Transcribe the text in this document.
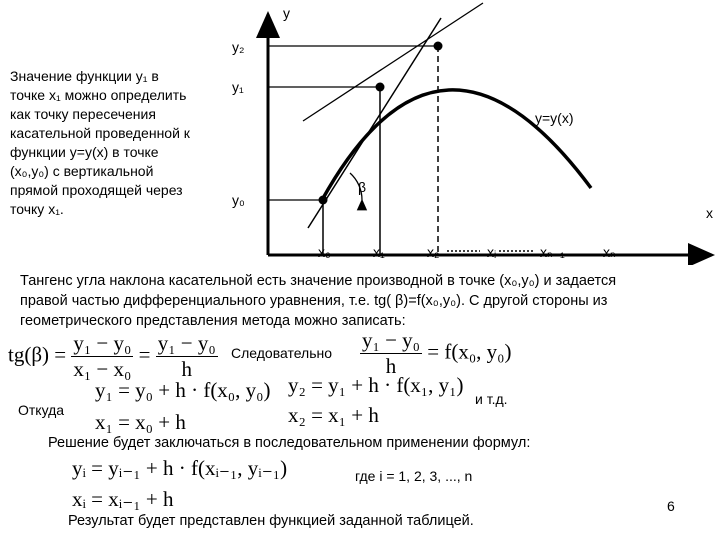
Значение функции y₁ в
точке x₁ можно определить
как точку пересечения
касательной проведенной к
функции y=y(x) в точке
(x₀,y₀) с вертикальной
прямой проходящей через
точку x₁.
y
x
y₂
y₁
y₀
y=y(x)
β
x₀	x₁	x₂	xᵢ	xₙ₋₁	xₙ
Тангенс угла наклона касательной есть значение производной в точке (x₀,y₀) и задается
правой частью дифференциального уравнения, т.е. tg( β)=f(x₀,y₀). С другой стороны из
геометрического представления метода можно записать:
$tg(\beta) = \frac{\text{y₁ − y₀}}{\text{x₁ − x₀}} = \frac{\text{y₁ − y₀}}{h}$ Следовательно $\frac{\text{y₁ − y₀}}{h} = f(x_0$, y₀)
Откуда
y₁ = y₀ + h · f(x₀, y₀)
x₁ = x₀ + h
y₂ = y₁ + h · f(x₁, y₁)
x₂ = x₁ + h
и т.д.
Решение будет заключаться в последовательном применении формул:
yᵢ = yᵢ₋₁ + h · f(xᵢ₋₁, yᵢ₋₁)	где i = 1, 2, 3, ..., n
xᵢ = xᵢ₋₁ + h
Результат будет представлен функцией заданной таблицей.
6
